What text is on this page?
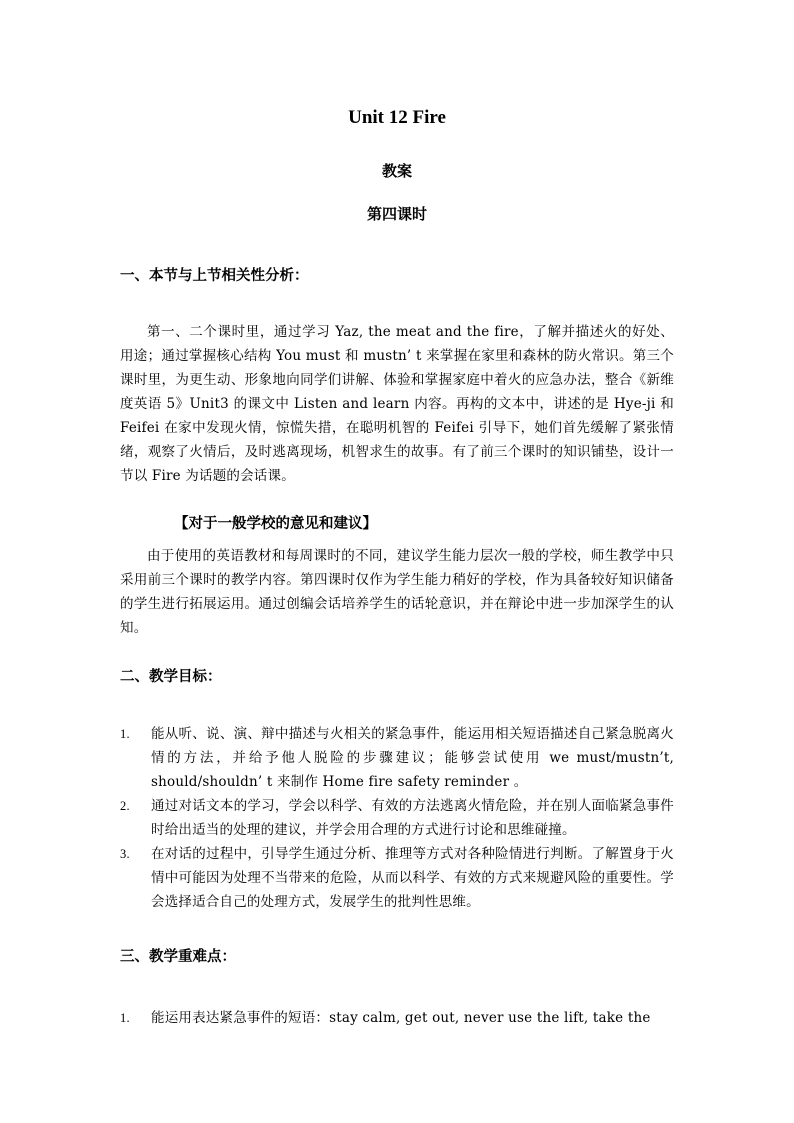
Unit 12 Fire
教案
第四课时
一、本节与上节相关性分析：
第一、二个课时里，通过学习 Yaz, the meat and the fire，了解并描述火的好处、用途；通过掌握核心结构 You must 和 mustn’ t 来掌握在家里和森林的防火常识。第三个课时里，为更生动、形象地向同学们讲解、体验和掌握家庭中着火的应急办法，整合《新维度英语 5》Unit3 的课文中 Listen and learn 内容。再构的文本中，讲述的是 Hye-ji 和 Feifei 在家中发现火情，惊慌失措，在聪明机智的 Feifei 引导下，她们首先缓解了紧张情绪，观察了火情后，及时逃离现场，机智求生的故事。有了前三个课时的知识铺垫，设计一节以 Fire 为话题的会话课。
【对于一般学校的意见和建议】
由于使用的英语教材和每周课时的不同，建议学生能力层次一般的学校，师生教学中只采用前三个课时的教学内容。第四课时仅作为学生能力稍好的学校，作为具备较好知识储备的学生进行拓展运用。通过创编会话培养学生的话轮意识，并在辩论中进一步加深学生的认知。
二、教学目标：
1. 能从听、说、演、辩中描述与火相关的紧急事件，能运用相关短语描述自己紧急脱离火情的方法，并给予他人脱险的步骤建议；能够尝试使用 we must/mustn’t, should/shouldn’ t 来制作 Home fire safety reminder 。
2. 通过对话文本的学习，学会以科学、有效的方法逃离火情危险，并在别人面临紧急事件时给出适当的处理的建议，并学会用合理的方式进行讨论和思维碰撞。
3. 在对话的过程中，引导学生通过分析、推理等方式对各种险情进行判断。了解置身于火情中可能因为处理不当带来的危险，从而以科学、有效的方式来规避风险的重要性。学会选择适合自己的处理方式，发展学生的批判性思维。
三、教学重难点：
1. 能运用表达紧急事件的短语：stay calm, get out, never use the lift, take the
